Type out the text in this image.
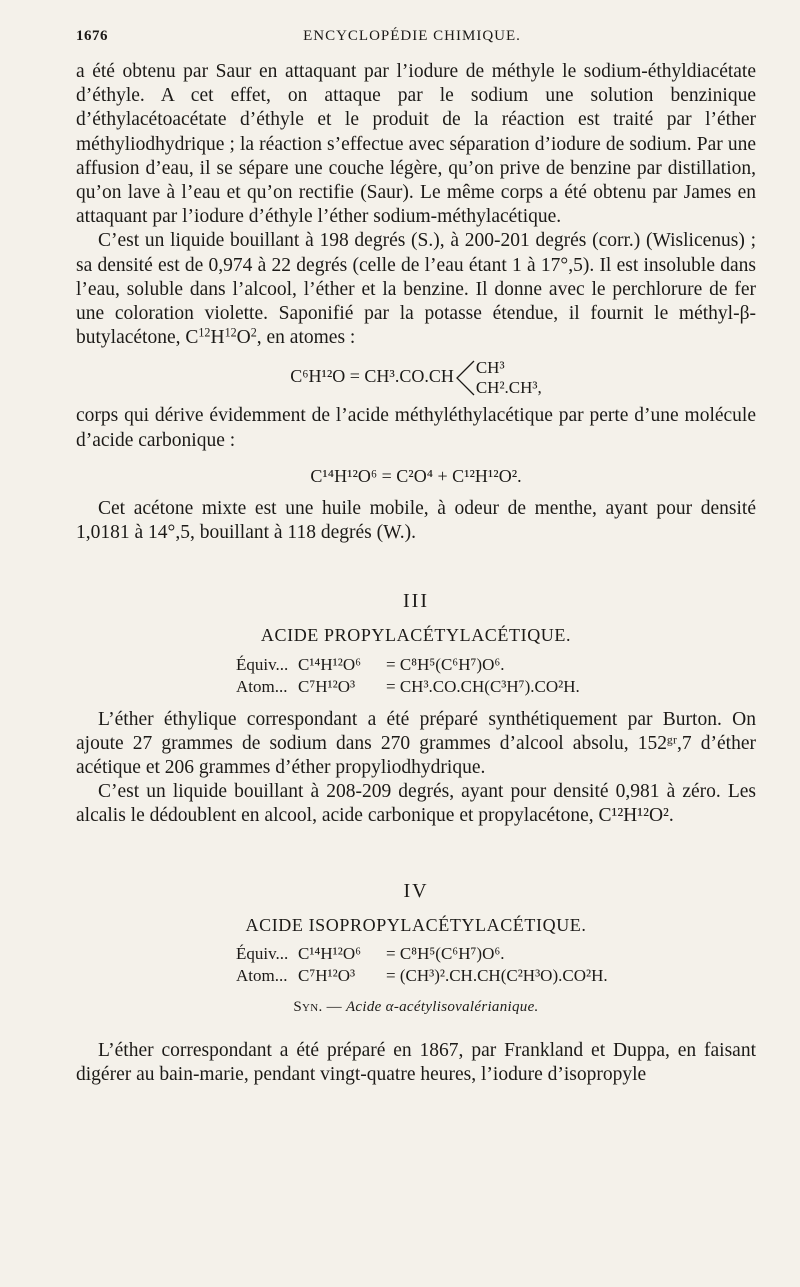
1676	ENCYCLOPÉDIE CHIMIQUE.

a été obtenu par Saur en attaquant par l’iodure de méthyle le sodium-éthyldiacétate d’éthyle. A cet effet, on attaque par le sodium une solution benzinique d’éthylacétoacétate d’éthyle et le produit de la réaction est traité par l’éther méthyliodhydrique ; la réaction s’effectue avec séparation d’iodure de sodium. Par une affusion d’eau, il se sépare une couche légère, qu’on prive de benzine par distillation, qu’on lave à l’eau et qu’on rectifie (Saur). Le même corps a été obtenu par James en attaquant par l’iodure d’éthyle l’éther sodium-méthylacétique.

C’est un liquide bouillant à 198 degrés (S.), à 200-201 degrés (corr.) (Wislicenus) ; sa densité est de 0,974 à 22 degrés (celle de l’eau étant 1 à 17°,5). Il est insoluble dans l’eau, soluble dans l’alcool, l’éther et la benzine. Il donne avec le perchlorure de fer une coloration violette. Saponifié par la potasse étendue, il fournit le méthyl-β-butylacétone, $C^{12}H^{12}O^2$, en atomes :

C⁶H¹²O = CH³.CO.CH CH³
CH².CH³,

corps qui dérive évidemment de l’acide méthyléthylacétique par perte d’une molécule d’acide carbonique :

C¹⁴H¹²O⁶ = C²O⁴ + C¹²H¹²O².

Cet acétone mixte est une huile mobile, à odeur de menthe, ayant pour densité 1,0181 à 14°,5, bouillant à 118 degrés (W.).

III
ACIDE PROPYLACÉTYLACÉTIQUE.
Équiv... C¹⁴H¹²O⁶	= C⁸H⁵(C⁶H⁷)O⁶.
Atom... C⁷H¹²O³	= CH³.CO.CH(C³H⁷).CO²H.

L’éther éthylique correspondant a été préparé synthétiquement par Burton. On ajoute 27 grammes de sodium dans 270 grammes d’alcool absolu, 152ᵍʳ,7 d’éther acétique et 206 grammes d’éther propyliodhydrique.

C’est un liquide bouillant à 208-209 degrés, ayant pour densité 0,981 à zéro. Les alcalis le dédoublent en alcool, acide carbonique et propylacétone, C¹²H¹²O².

IV
ACIDE ISOPROPYLACÉTYLACÉTIQUE.
Équiv... C¹⁴H¹²O⁶	= C⁸H⁵(C⁶H⁷)O⁶.
Atom... C⁷H¹²O³	= (CH³)².CH.CH(C²H³O).CO²H.
Syn. — Acide α-acétylisovalérianique.

L’éther correspondant a été préparé en 1867, par Frankland et Duppa, en faisant digérer au bain-marie, pendant vingt-quatre heures, l’iodure d’isopropyle
